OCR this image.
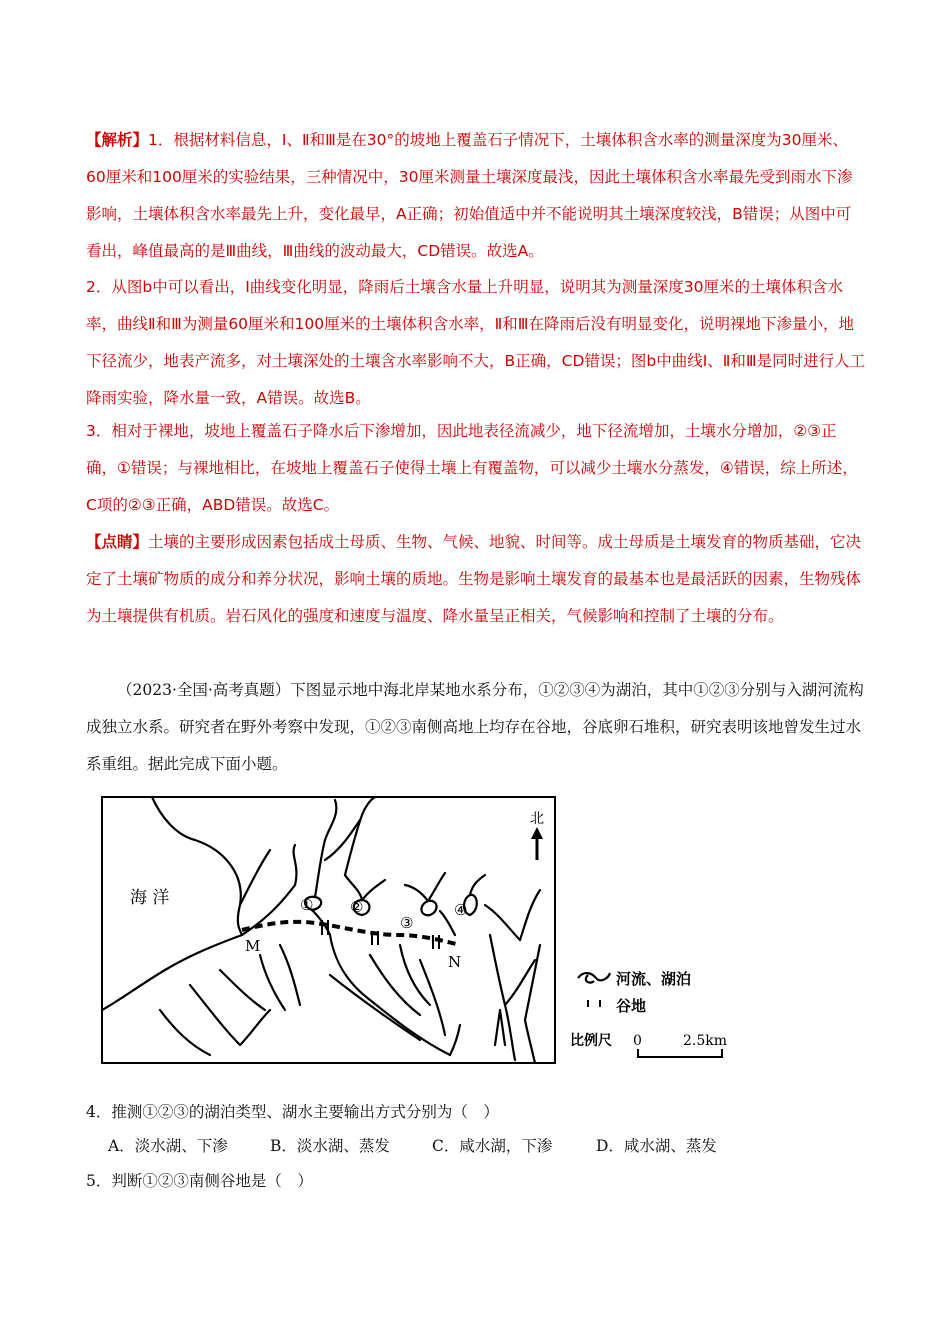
【解析】1．根据材料信息，Ⅰ、Ⅱ和Ⅲ是在30°的坡地上覆盖石子情况下，土壤体积含水率的测量深度为30厘米、60厘米和100厘米的实验结果，三种情况中，30厘米测量土壤深度最浅，因此土壤体积含水率最先受到雨水下渗影响，土壤体积含水率最先上升，变化最早，A正确；初始值适中并不能说明其土壤深度较浅，B错误；从图中可看出，峰值最高的是Ⅲ曲线，Ⅲ曲线的波动最大，CD错误。故选A。

2．从图b中可以看出，Ⅰ曲线变化明显，降雨后土壤含水量上升明显，说明其为测量深度30厘米的土壤体积含水率，曲线Ⅱ和Ⅲ为测量60厘米和100厘米的土壤体积含水率，Ⅱ和Ⅲ在降雨后没有明显变化，说明裸地下渗量小，地下径流少，地表产流多，对土壤深处的土壤含水率影响不大，B正确，CD错误；图b中曲线Ⅰ、Ⅱ和Ⅲ是同时进行人工降雨实验，降水量一致，A错误。故选B。

3．相对于裸地，坡地上覆盖石子降水后下渗增加，因此地表径流减少，地下径流增加，土壤水分增加，②③正确，①错误；与裸地相比，在坡地上覆盖石子使得土壤上有覆盖物，可以减少土壤水分蒸发，④错误，综上所述，C项的②③正确，ABD错误。故选C。

【点睛】土壤的主要形成因素包括成土母质、生物、气候、地貌、时间等。成土母质是土壤发育的物质基础，它决定了土壤矿物质的成分和养分状况，影响土壤的质地。生物是影响土壤发育的最基本也是最活跃的因素，生物残体为土壤提供有机质。岩石风化的强度和速度与温度、降水量呈正相关，气候影响和控制了土壤的分布。

（2023·全国·高考真题）下图显示地中海北岸某地水系分布，①②③④为湖泊，其中①②③分别与入湖河流构成独立水系。研究者在野外考察中发现，①②③南侧高地上均存在谷地，谷底卵石堆积，研究表明该地曾发生过水系重组。据此完成下面小题。

海 洋
M
N
① ②
③
④
北
河流、湖泊
谷地
比例尺 0	2.5km

4．推测①②③的湖泊类型、湖水主要输出方式分别为（　）

A．淡水湖、下渗	B．淡水湖、蒸发	C．咸水湖，下渗	D．咸水湖、蒸发

5．判断①②③南侧谷地是（　）
